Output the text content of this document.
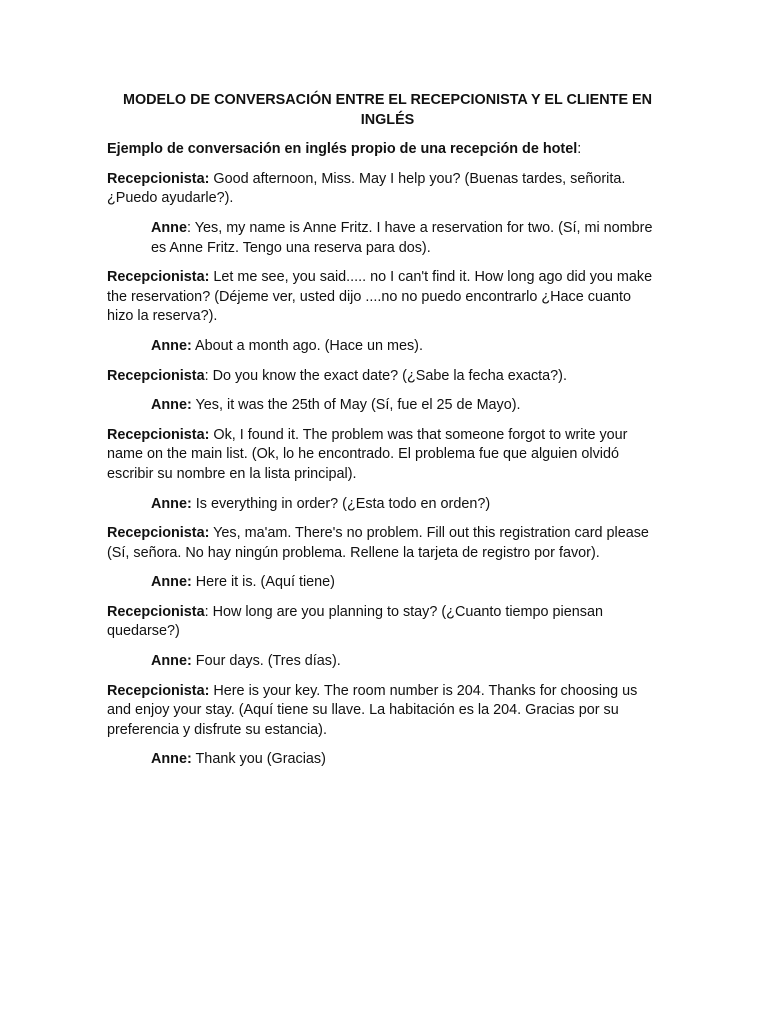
MODELO DE CONVERSACIÓN ENTRE EL RECEPCIONISTA Y EL CLIENTE EN INGLÉS

Ejemplo de conversación en inglés propio de una recepción de hotel:

Recepcionista: Good afternoon, Miss. May I help you? (Buenas tardes, señorita. ¿Puedo ayudarle?).

Anne: Yes, my name is Anne Fritz. I have a reservation for two. (Sí, mi nombre es Anne Fritz. Tengo una reserva para dos).

Recepcionista: Let me see, you said..... no I can't find it. How long ago did you make the reservation? (Déjeme ver, usted dijo ....no no puedo encontrarlo ¿Hace cuanto hizo la reserva?).

Anne: About a month ago. (Hace un mes).

Recepcionista: Do you know the exact date? (¿Sabe la fecha exacta?).

Anne: Yes, it was the 25th of May (Sí, fue el 25 de Mayo).

Recepcionista: Ok, I found it. The problem was that someone forgot to write your name on the main list. (Ok, lo he encontrado. El problema fue que alguien olvidó escribir su nombre en la lista principal).

Anne: Is everything in order? (¿Esta todo en orden?)

Recepcionista: Yes, ma'am. There's no problem. Fill out this registration card please (Sí, señora. No hay ningún problema. Rellene la tarjeta de registro por favor).

Anne: Here it is. (Aquí tiene)

Recepcionista: How long are you planning to stay? (¿Cuanto tiempo piensan quedarse?)

Anne: Four days. (Tres días).

Recepcionista: Here is your key. The room number is 204. Thanks for choosing us and enjoy your stay. (Aquí tiene su llave. La habitación es la 204. Gracias por su preferencia y disfrute su estancia).

Anne: Thank you (Gracias)
